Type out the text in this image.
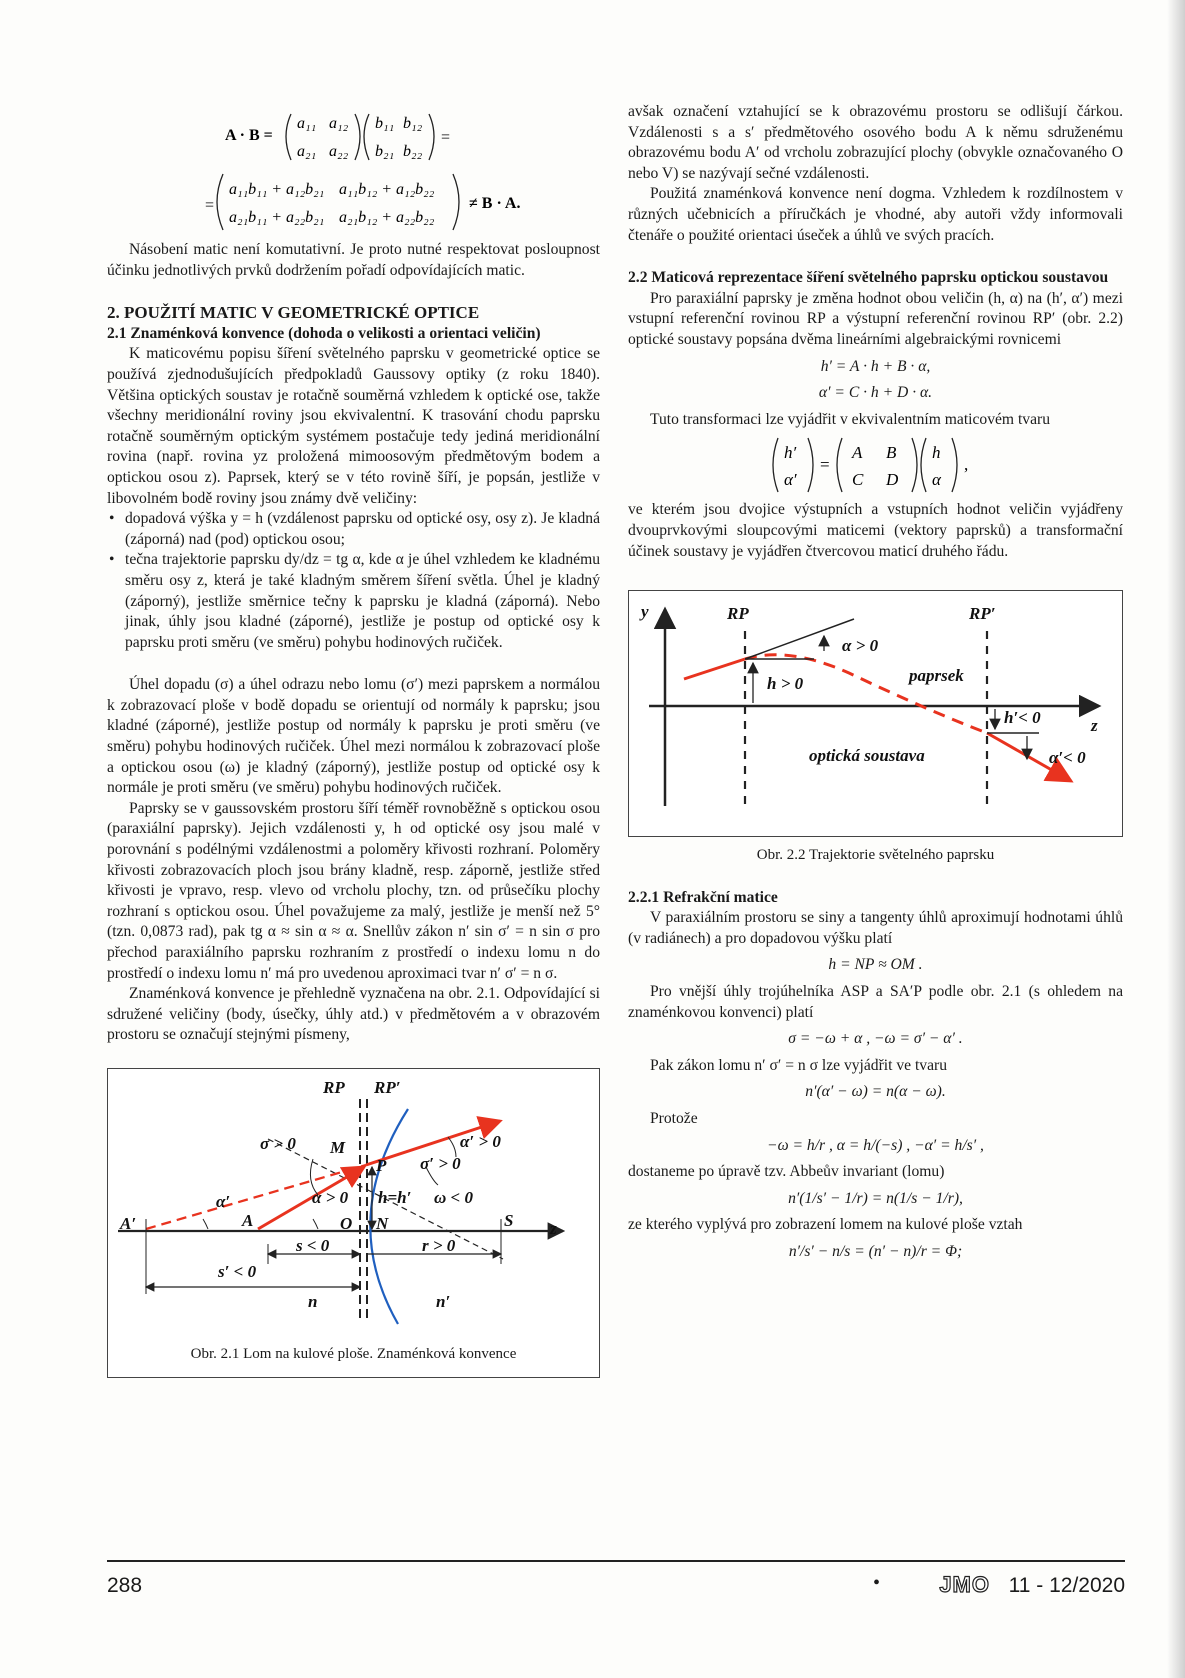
A · B =
a₁₁ a₁₂
a₂₁ a₂₂
b₁₁ b₁₂
b₂₁ b₂₂
=
=
a₁₁b₁₁ + a₁₂b₂₁ a₁₁b₁₂ + a₁₂b₂₂
a₂₁b₁₁ + a₂₂b₂₁ a₂₁b₁₂ + a₂₂b₂₂
≠ B · A.

Násobení matic není komutativní. Je proto nutné respektovat posloupnost účinku jednotlivých prvků dodržením pořadí odpovídajících matic.

2. POUŽITÍ MATIC V GEOMETRICKÉ OPTICE
2.1 Znaménková konvence (dohoda o velikosti a orientaci veličin)

K maticovému popisu šíření světelného paprsku v geometrické optice se používá zjednodušujících předpokladů Gaussovy optiky (z roku 1840). Většina optických soustav je rotačně souměrná vzhledem k optické ose, takže všechny meridionální roviny jsou ekvivalentní. K trasování chodu paprsku rotačně souměrným optickým systémem postačuje tedy jediná meridionální rovina (např. rovina yz proložená mimoosovým předmětovým bodem a optickou osou z). Paprsek, který se v této rovině šíří, je popsán, jestliže v libovolném bodě roviny jsou známy dvě veličiny:

• dopadová výška y = h (vzdálenost paprsku od optické osy, osy z). Je kladná (záporná) nad (pod) optickou osou;
• tečna trajektorie paprsku dy/dz = tg α, kde α je úhel vzhledem ke kladnému směru osy z, která je také kladným směrem šíření světla. Úhel je kladný (záporný), jestliže směrnice tečny k paprsku je kladná (záporná). Nebo jinak, úhly jsou kladné (záporné), jestliže je postup od optické osy k paprsku proti směru (ve směru) pohybu hodinových ručiček.

Úhel dopadu (σ) a úhel odrazu nebo lomu (σ′) mezi paprskem a normálou k zobrazovací ploše v bodě dopadu se orientují od normály k paprsku; jsou kladné (záporné), jestliže postup od normály k paprsku je proti směru (ve směru) pohybu hodinových ručiček. Úhel mezi normálou k zobrazovací ploše a optickou osou (ω) je kladný (záporný), jestliže postup od optické osy k normále je proti směru (ve směru) pohybu hodinových ručiček.

Paprsky se v gaussovském prostoru šíří téměř rovnoběžně s optickou osou (paraxiální paprsky). Jejich vzdálenosti y, h od optické osy jsou malé v porovnání s podélnými vzdálenostmi a poloměry křivosti rozhraní. Poloměry křivosti zobrazovacích ploch jsou brány kladně, resp. záporně, jestliže střed křivosti je vpravo, resp. vlevo od vrcholu plochy, tzn. od průsečíku plochy rozhraní s optickou osou. Úhel považujeme za malý, jestliže je menší než 5° (tzn. 0,0873 rad), pak tg α ≈ sin α ≈ α. Snellův zákon n′ sin σ′ = n sin σ pro přechod paraxiálního paprsku rozhraním z prostředí o indexu lomu n do prostředí o indexu lomu n′ má pro uvedenou aproximaci tvar n′ σ′ = n σ.

Znaménková konvence je přehledně vyznačena na obr. 2.1. Odpovídající si sdružené veličiny (body, úsečky, úhly atd.) v předmětovém a v obrazovém prostoru se označují stejnými písmeny,

RP RP′
σ > 0 M
σ′ > 0
α′ > 0
P
α′	α > 0 h=h′ ω < 0
A′	A	O N	S z
s < 0	r > 0
s′ < 0
n	n′
Obr. 2.1 Lom na kulové ploše. Znaménková konvence

avšak označení vztahující se k obrazovému prostoru se odlišují čárkou. Vzdálenosti s a s′ předmětového osového bodu A k němu sdruženému obrazovému bodu A′ od vrcholu zobrazující plochy (obvykle označovaného O nebo V) se nazývají sečné vzdálenosti.

Použitá znaménková konvence není dogma. Vzhledem k rozdílnostem v různých učebnicích a příručkách je vhodné, aby autoři vždy informovali čtenáře o použité orientaci úseček a úhlů ve svých pracích.

2.2 Maticová reprezentace šíření světelného paprsku optickou soustavou

Pro paraxiální paprsky je změna hodnot obou veličin (h, α) na (h′, α′) mezi vstupní referenční rovinou RP a výstupní referenční rovinou RP′ (obr. 2.2) optické soustavy popsána dvěma lineárními algebraickými rovnicemi

h′ = A · h + B · α,
α′ = C · h + D · α.

Tuto transformaci lze vyjádřit v ekvivalentním maticovém tvaru

h′
α′
=
A B
C D
h
α
,

ve kterém jsou dvojice výstupních a vstupních hodnot veličin vyjádřeny dvouprvkovými sloupcovými maticemi (vektory paprsků) a transformační účinek soustavy je vyjádřen čtvercovou maticí druhého řádu.

y	RP	RP′
α > 0
h > 0	paprsek
h′< 0	z
optická soustava	α′< 0
Obr. 2.2 Trajektorie světelného paprsku
2.2.1 Refrakční matice

V paraxiálním prostoru se siny a tangenty úhlů aproximují hodnotami úhlů (v radiánech) a pro dopadovou výšku platí

h = NP ≈ OM .

Pro vnější úhly trojúhelníka ASP a SA′P podle obr. 2.1 (s ohledem na znaménkovou konvenci) platí

σ = −ω + α , −ω = σ′ − α′ .

Pak zákon lomu n′ σ′ = n σ lze vyjádřit ve tvaru

n′(α′ − ω) = n(α − ω).

Protože

−ω = h/r , α = h/(−s) , −α′ = h/s′ ,

dostaneme po úpravě tzv. Abbeův invariant (lomu)

n′(1/s′ − 1/r) = n(1/s − 1/r),

ze kterého vyplývá pro zobrazení lomem na kulové ploše vztah

n′/s′ − n/s = (n′ − n)/r = Φ;
288	•	JMO 11 - 12/2020
